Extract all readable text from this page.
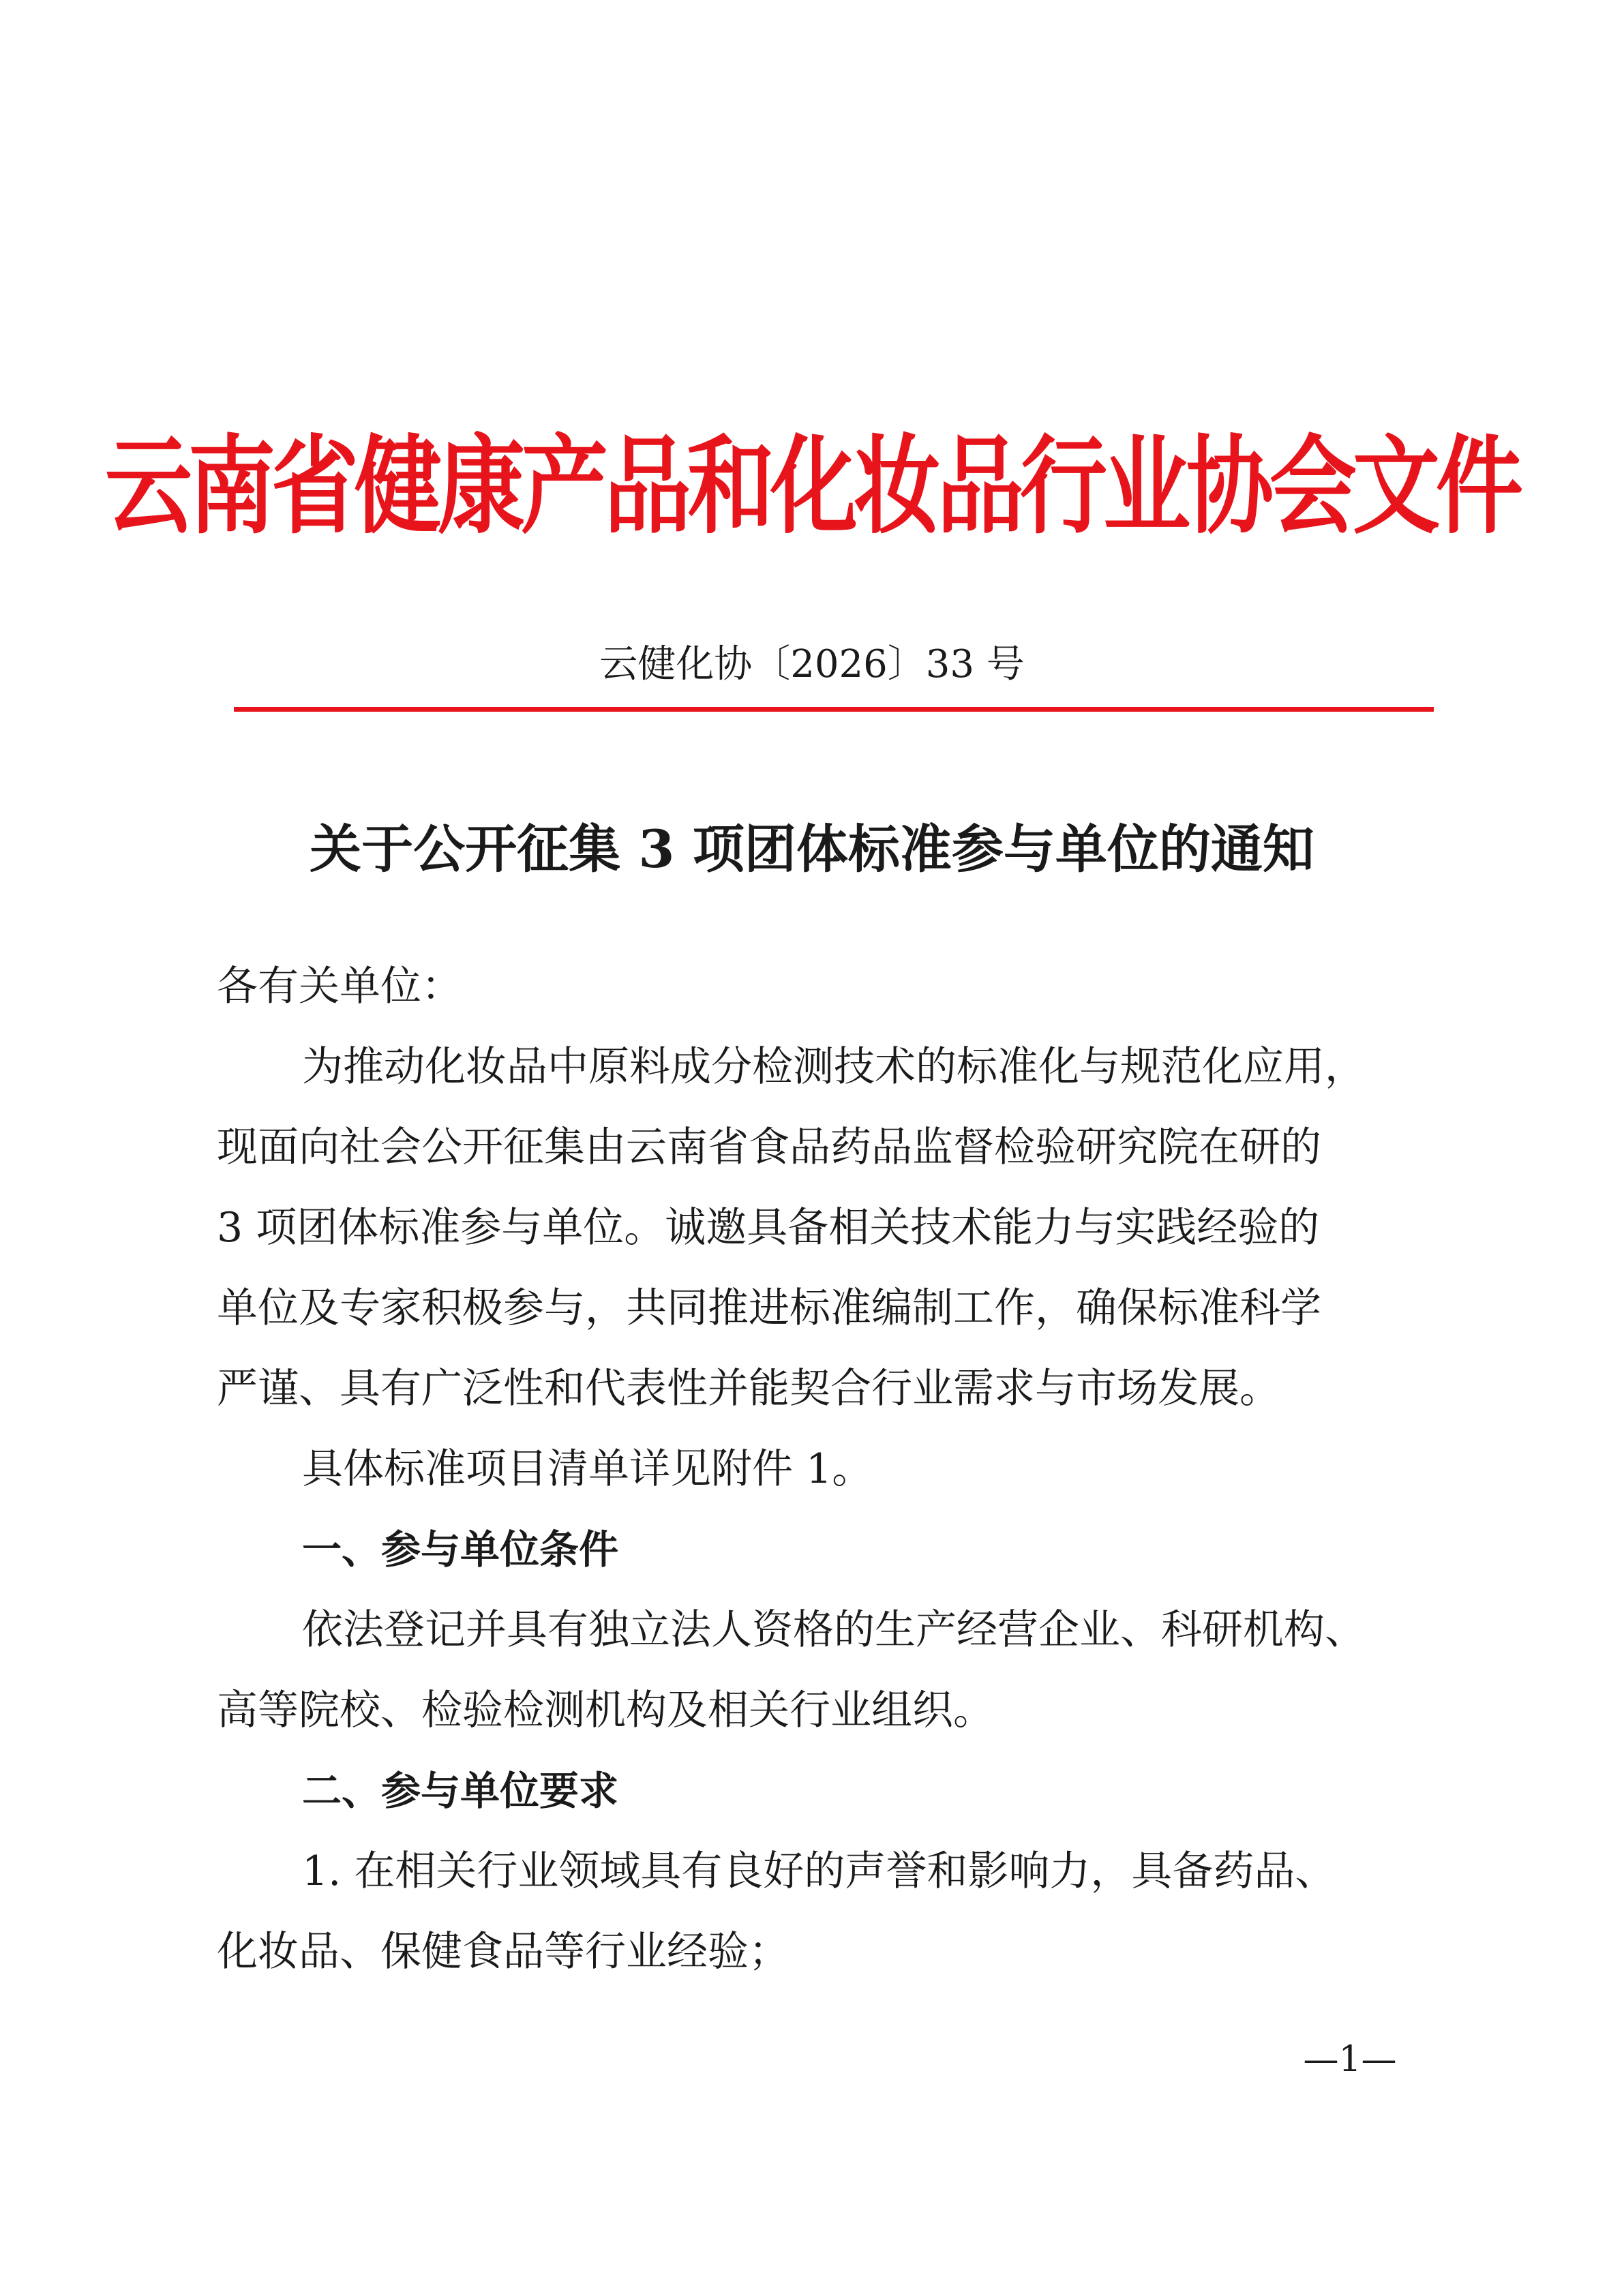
云南省健康产品和化妆品行业协会文件
云健化协〔2026〕33 号
关于公开征集 3 项团体标准参与单位的通知
各有关单位：
为推动化妆品中原料成分检测技术的标准化与规范化应用，
现面向社会公开征集由云南省食品药品监督检验研究院在研的
3 项团体标准参与单位。诚邀具备相关技术能力与实践经验的
单位及专家积极参与，共同推进标准编制工作，确保标准科学
严谨、具有广泛性和代表性并能契合行业需求与市场发展。
具体标准项目清单详见附件 1。
一、参与单位条件
依法登记并具有独立法人资格的生产经营企业、科研机构、
高等院校、检验检测机构及相关行业组织。
二、参与单位要求
1. 在相关行业领域具有良好的声誉和影响力，具备药品、
化妆品、保健食品等行业经验；
—1—
